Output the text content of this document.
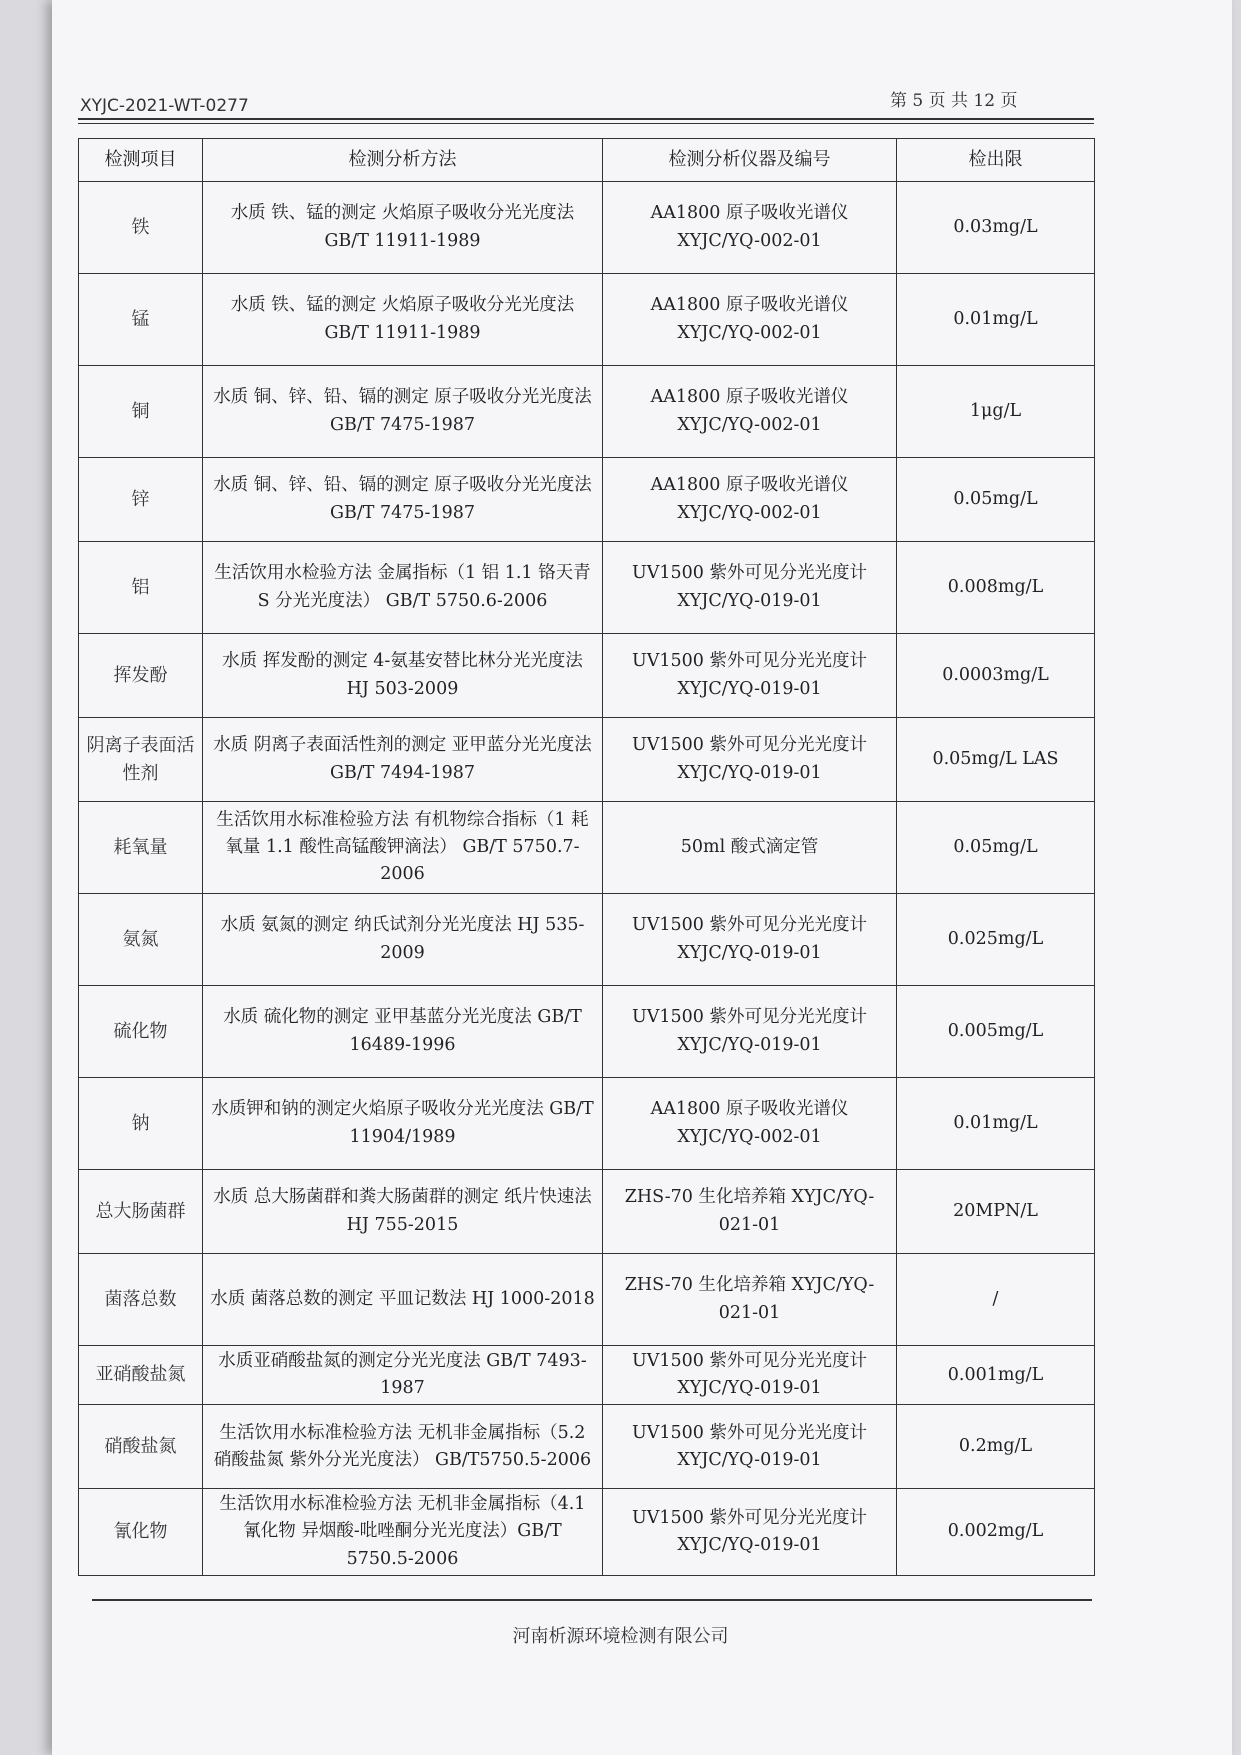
XYJC-2021-WT-0277	第 5 页 共 12 页
检测项目	检测分析方法	检测分析仪器及编号	检出限
铁	水质 铁、锰的测定 火焰原子吸收分光光度法 GB/T 11911-1989	AA1800 原子吸收光谱仪 XYJC/YQ-002-01	0.03mg/L
锰	水质 铁、锰的测定 火焰原子吸收分光光度法 GB/T 11911-1989	AA1800 原子吸收光谱仪 XYJC/YQ-002-01	0.01mg/L
铜	水质 铜、锌、铅、镉的测定 原子吸收分光光度法 GB/T 7475-1987	AA1800 原子吸收光谱仪 XYJC/YQ-002-01	1μg/L
锌	水质 铜、锌、铅、镉的测定 原子吸收分光光度法 GB/T 7475-1987	AA1800 原子吸收光谱仪 XYJC/YQ-002-01	0.05mg/L
铝	生活饮用水检验方法 金属指标（1 铝 1.1 铬天青 S 分光光度法） GB/T 5750.6-2006	UV1500 紫外可见分光光度计 XYJC/YQ-019-01	0.008mg/L
挥发酚	水质 挥发酚的测定 4-氨基安替比林分光光度法 HJ 503-2009	UV1500 紫外可见分光光度计 XYJC/YQ-019-01	0.0003mg/L
阴离子表面活性剂	水质 阴离子表面活性剂的测定 亚甲蓝分光光度法 GB/T 7494-1987	UV1500 紫外可见分光光度计 XYJC/YQ-019-01	0.05mg/L LAS
耗氧量	生活饮用水标准检验方法 有机物综合指标（1 耗氧量 1.1 酸性高锰酸钾滴法） GB/T 5750.7-2006	50ml 酸式滴定管	0.05mg/L
氨氮	水质 氨氮的测定 纳氏试剂分光光度法 HJ 535-2009	UV1500 紫外可见分光光度计 XYJC/YQ-019-01	0.025mg/L
硫化物	水质 硫化物的测定 亚甲基蓝分光光度法 GB/T 16489-1996	UV1500 紫外可见分光光度计 XYJC/YQ-019-01	0.005mg/L
钠	水质钾和钠的测定火焰原子吸收分光光度法 GB/T 11904/1989	AA1800 原子吸收光谱仪 XYJC/YQ-002-01	0.01mg/L
总大肠菌群	水质 总大肠菌群和粪大肠菌群的测定 纸片快速法 HJ 755-2015	ZHS-70 生化培养箱 XYJC/YQ-021-01	20MPN/L
菌落总数	水质 菌落总数的测定 平皿记数法 HJ 1000-2018	ZHS-70 生化培养箱 XYJC/YQ-021-01	/
亚硝酸盐氮	水质亚硝酸盐氮的测定分光光度法 GB/T 7493-1987	UV1500 紫外可见分光光度计 XYJC/YQ-019-01	0.001mg/L
硝酸盐氮	生活饮用水标准检验方法 无机非金属指标（5.2 硝酸盐氮 紫外分光光度法） GB/T5750.5-2006	UV1500 紫外可见分光光度计 XYJC/YQ-019-01	0.2mg/L
氰化物	生活饮用水标准检验方法 无机非金属指标（4.1 氰化物 异烟酸-吡唑酮分光光度法）GB/T 5750.5-2006	UV1500 紫外可见分光光度计 XYJC/YQ-019-01	0.002mg/L
河南析源环境检测有限公司
